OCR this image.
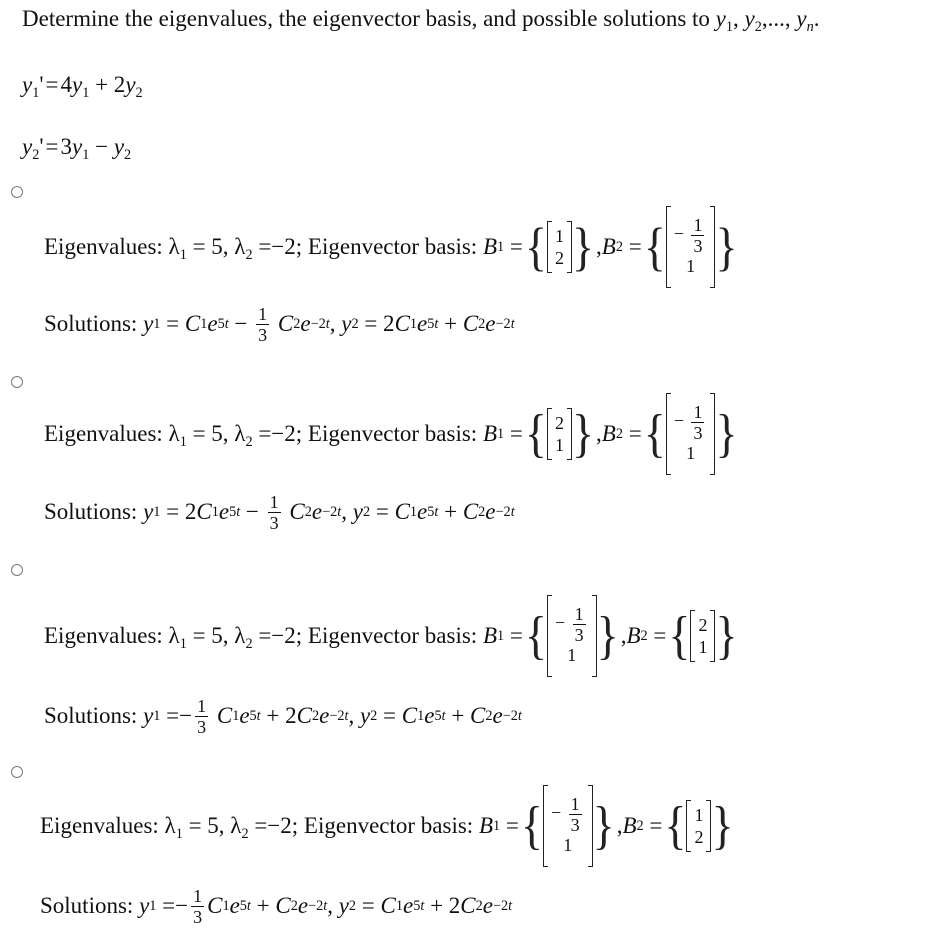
Determine the eigenvalues, the eigenvector basis, and possible solutions to $y_1$, $y_2$,..., $y_n$.
$y_1'=4y_1 + 2y_2$
$y_2'=3y_1 - y_2$
Eigenvalues:
$\lambda_1 = 5$, $\lambda_2 =-2$; Eigenvector basis:
B 1 = { 1
2 } , B 2 = { − $\frac{1}{3}$
1 }
Solutions:
y 1 = C 1 e $5t - \frac{1}{3}$
C 2 e −2t , y 2 = 2 C 1 e 5t + C 2 e −2t
Eigenvalues:
$\lambda_1 = 5$, $\lambda_2 =-2$; Eigenvector basis:
B 1 = { 2
1 } , B 2 = { − $\frac{1}{3}$
1 }
Solutions:
y 1 = 2 C 1 e $5t - \frac{1}{3}$
C 2 e −2t , y 2 = C 1 e 5t + C 2 e −2t
Eigenvalues:
$\lambda_1 = 5$, $\lambda_2 =-2$; Eigenvector basis:
B 1 = { − $\frac{1}{3}$
1 } , B 2 = { 2
1 }
Solutions:
y $1 =- \frac{1}{3}$
C 1 e 5t + 2 C 2 e −2t , y 2 = C 1 e 5t + C 2 e −2t
Eigenvalues:
$\lambda_1 = 5$, $\lambda_2 =-2$; Eigenvector basis:
B 1 = { − $\frac{1}{3}$
1 } , B 2 = { 1
2 }
Solutions:
y $1 =- \frac{1}{3}$ C 1 e 5t + C 2 e −2t , y 2 = C 1 e 5t + 2 C 2 e −2t
